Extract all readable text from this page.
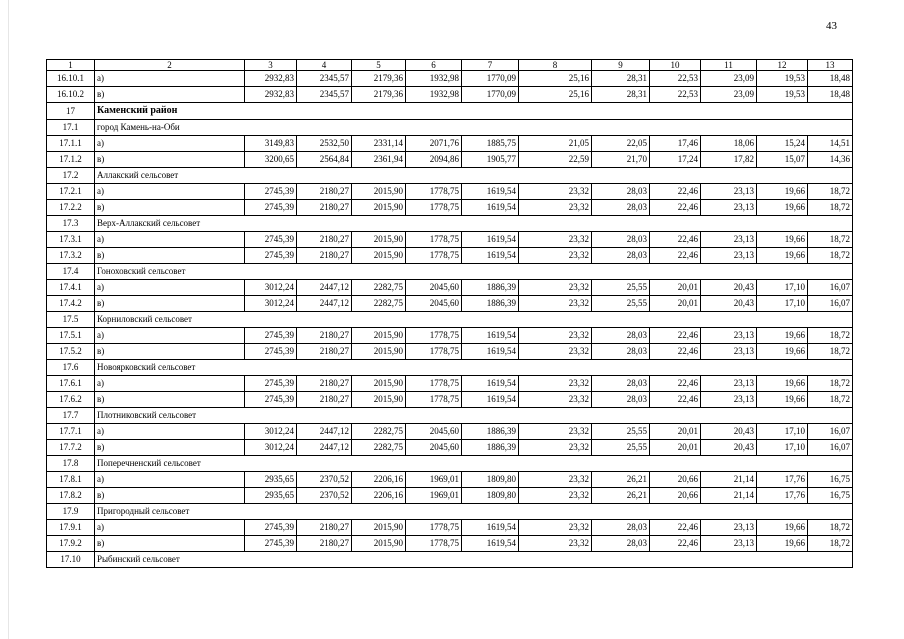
43
1	2	3	4	5	6	7	8	9	10	11	12	13
16.10.1	а)	2932,83	2345,57	2179,36	1932,98	1770,09	25,16	28,31	22,53	23,09	19,53	18,48
16.10.2	в)	2932,83	2345,57	2179,36	1932,98	1770,09	25,16	28,31	22,53	23,09	19,53	18,48
17	Каменский район											
17.1	город Камень-на-Оби											
17.1.1	а)	3149,83	2532,50	2331,14	2071,76	1885,75	21,05	22,05	17,46	18,06	15,24	14,51
17.1.2	в)	3200,65	2564,84	2361,94	2094,86	1905,77	22,59	21,70	17,24	17,82	15,07	14,36
17.2	Аллакский сельсовет											
17.2.1	а)	2745,39	2180,27	2015,90	1778,75	1619,54	23,32	28,03	22,46	23,13	19,66	18,72
17.2.2	в)	2745,39	2180,27	2015,90	1778,75	1619,54	23,32	28,03	22,46	23,13	19,66	18,72
17.3	Верх-Аллакский сельсовет											
17.3.1	а)	2745,39	2180,27	2015,90	1778,75	1619,54	23,32	28,03	22,46	23,13	19,66	18,72
17.3.2	в)	2745,39	2180,27	2015,90	1778,75	1619,54	23,32	28,03	22,46	23,13	19,66	18,72
17.4	Гоноховский сельсовет											
17.4.1	а)	3012,24	2447,12	2282,75	2045,60	1886,39	23,32	25,55	20,01	20,43	17,10	16,07
17.4.2	в)	3012,24	2447,12	2282,75	2045,60	1886,39	23,32	25,55	20,01	20,43	17,10	16,07
17.5	Корниловский сельсовет											
17.5.1	а)	2745,39	2180,27	2015,90	1778,75	1619,54	23,32	28,03	22,46	23,13	19,66	18,72
17.5.2	в)	2745,39	2180,27	2015,90	1778,75	1619,54	23,32	28,03	22,46	23,13	19,66	18,72
17.6	Новоярковский сельсовет											
17.6.1	а)	2745,39	2180,27	2015,90	1778,75	1619,54	23,32	28,03	22,46	23,13	19,66	18,72
17.6.2	в)	2745,39	2180,27	2015,90	1778,75	1619,54	23,32	28,03	22,46	23,13	19,66	18,72
17.7	Плотниковский сельсовет											
17.7.1	а)	3012,24	2447,12	2282,75	2045,60	1886,39	23,32	25,55	20,01	20,43	17,10	16,07
17.7.2	в)	3012,24	2447,12	2282,75	2045,60	1886,39	23,32	25,55	20,01	20,43	17,10	16,07
17.8	Поперечненский сельсовет											
17.8.1	а)	2935,65	2370,52	2206,16	1969,01	1809,80	23,32	26,21	20,66	21,14	17,76	16,75
17.8.2	в)	2935,65	2370,52	2206,16	1969,01	1809,80	23,32	26,21	20,66	21,14	17,76	16,75
17.9	Пригородный сельсовет											
17.9.1	а)	2745,39	2180,27	2015,90	1778,75	1619,54	23,32	28,03	22,46	23,13	19,66	18,72
17.9.2	в)	2745,39	2180,27	2015,90	1778,75	1619,54	23,32	28,03	22,46	23,13	19,66	18,72
17.10	Рыбинский сельсовет											
